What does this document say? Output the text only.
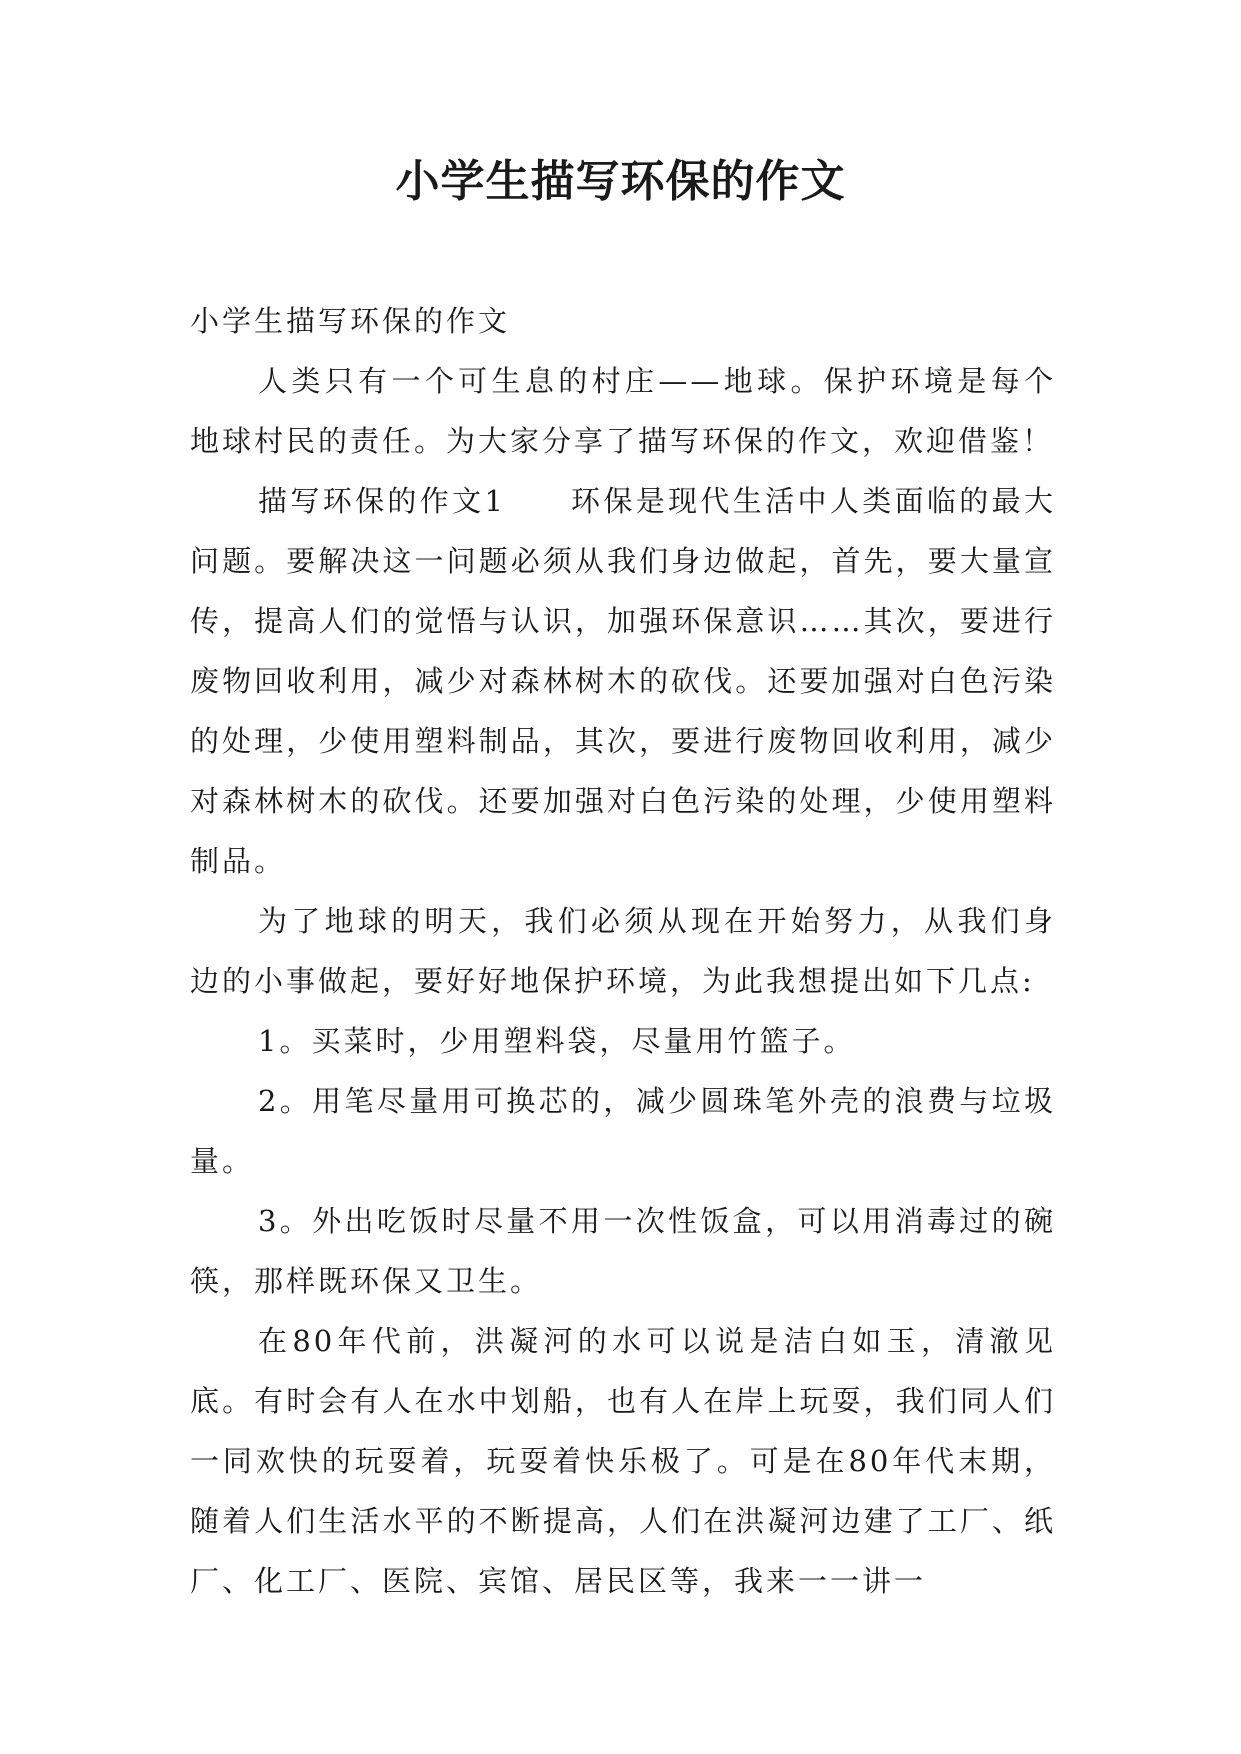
小学生描写环保的作文

小学生描写环保的作文

人类只有一个可生息的村庄——地球。保护环境是每个地球村民的责任。为大家分享了描写环保的作文，欢迎借鉴！

描写环保的作文1　　环保是现代生活中人类面临的最大问题。要解决这一问题必须从我们身边做起，首先，要大量宣传，提高人们的觉悟与认识，加强环保意识……其次，要进行废物回收利用，减少对森林树木的砍伐。还要加强对白色污染的处理，少使用塑料制品，其次，要进行废物回收利用，减少对森林树木的砍伐。还要加强对白色污染的处理，少使用塑料制品。

为了地球的明天，我们必须从现在开始努力，从我们身边的小事做起，要好好地保护环境，为此我想提出如下几点:

1。买菜时，少用塑料袋，尽量用竹篮子。

2。用笔尽量用可换芯的，减少圆珠笔外壳的浪费与垃圾量。

3。外出吃饭时尽量不用一次性饭盒，可以用消毒过的碗筷，那样既环保又卫生。

在80年代前，洪凝河的水可以说是洁白如玉，清澈见底。有时会有人在水中划船，也有人在岸上玩耍，我们同人们一同欢快的玩耍着，玩耍着快乐极了。可是在80年代末期，随着人们生活水平的不断提高，人们在洪凝河边建了工厂、纸厂、化工厂、医院、宾馆、居民区等，我来一一讲一
